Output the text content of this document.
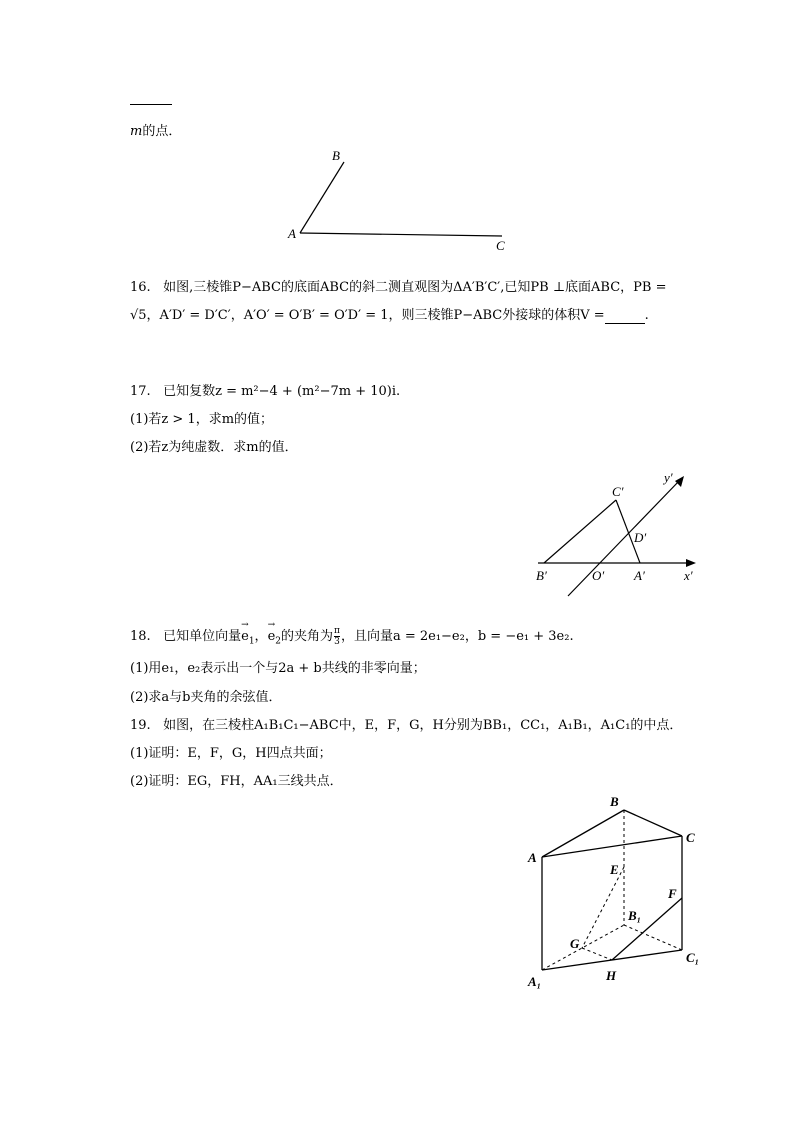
m的点．
B
A
C
16. 如图,三棱锥P−ABC的底面ABC的斜二测直观图为ΔA′B′C′,已知PB ⊥底面ABC，PB =
√5，A′D′ = D′C′，A′O′ = O′B′ = O′D′ = 1，则三棱锥P−ABC外接球的体积V =	.
17. 已知复数z = m²−4 + (m²−7m + 10)i.
(1)若z > 1，求m的值；
(2)若z为纯虚数．求m的值．
C′
D′
B′	O′ A′	x′
y′
18. 已知单位向量→ $e_1$，→ $e_2$的夹角为 $\frac{\pi}{3}$ ，且向量a = 2e₁−e₂，b = −e₁ + 3e₂.
(1)用e₁，e₂表示出一个与2a + b共线的非零向量；
(2)求a与b夹角的余弦值．
19. 如图，在三棱柱A₁B₁C₁−ABC中，E，F，G，H分别为BB₁，CC₁，A₁B₁，A₁C₁的中点．
(1)证明：E，F，G，H四点共面；
(2)证明：EG，FH，AA₁三线共点．
B
C
A
E
F
B₁
G
C₁
A₁	H
